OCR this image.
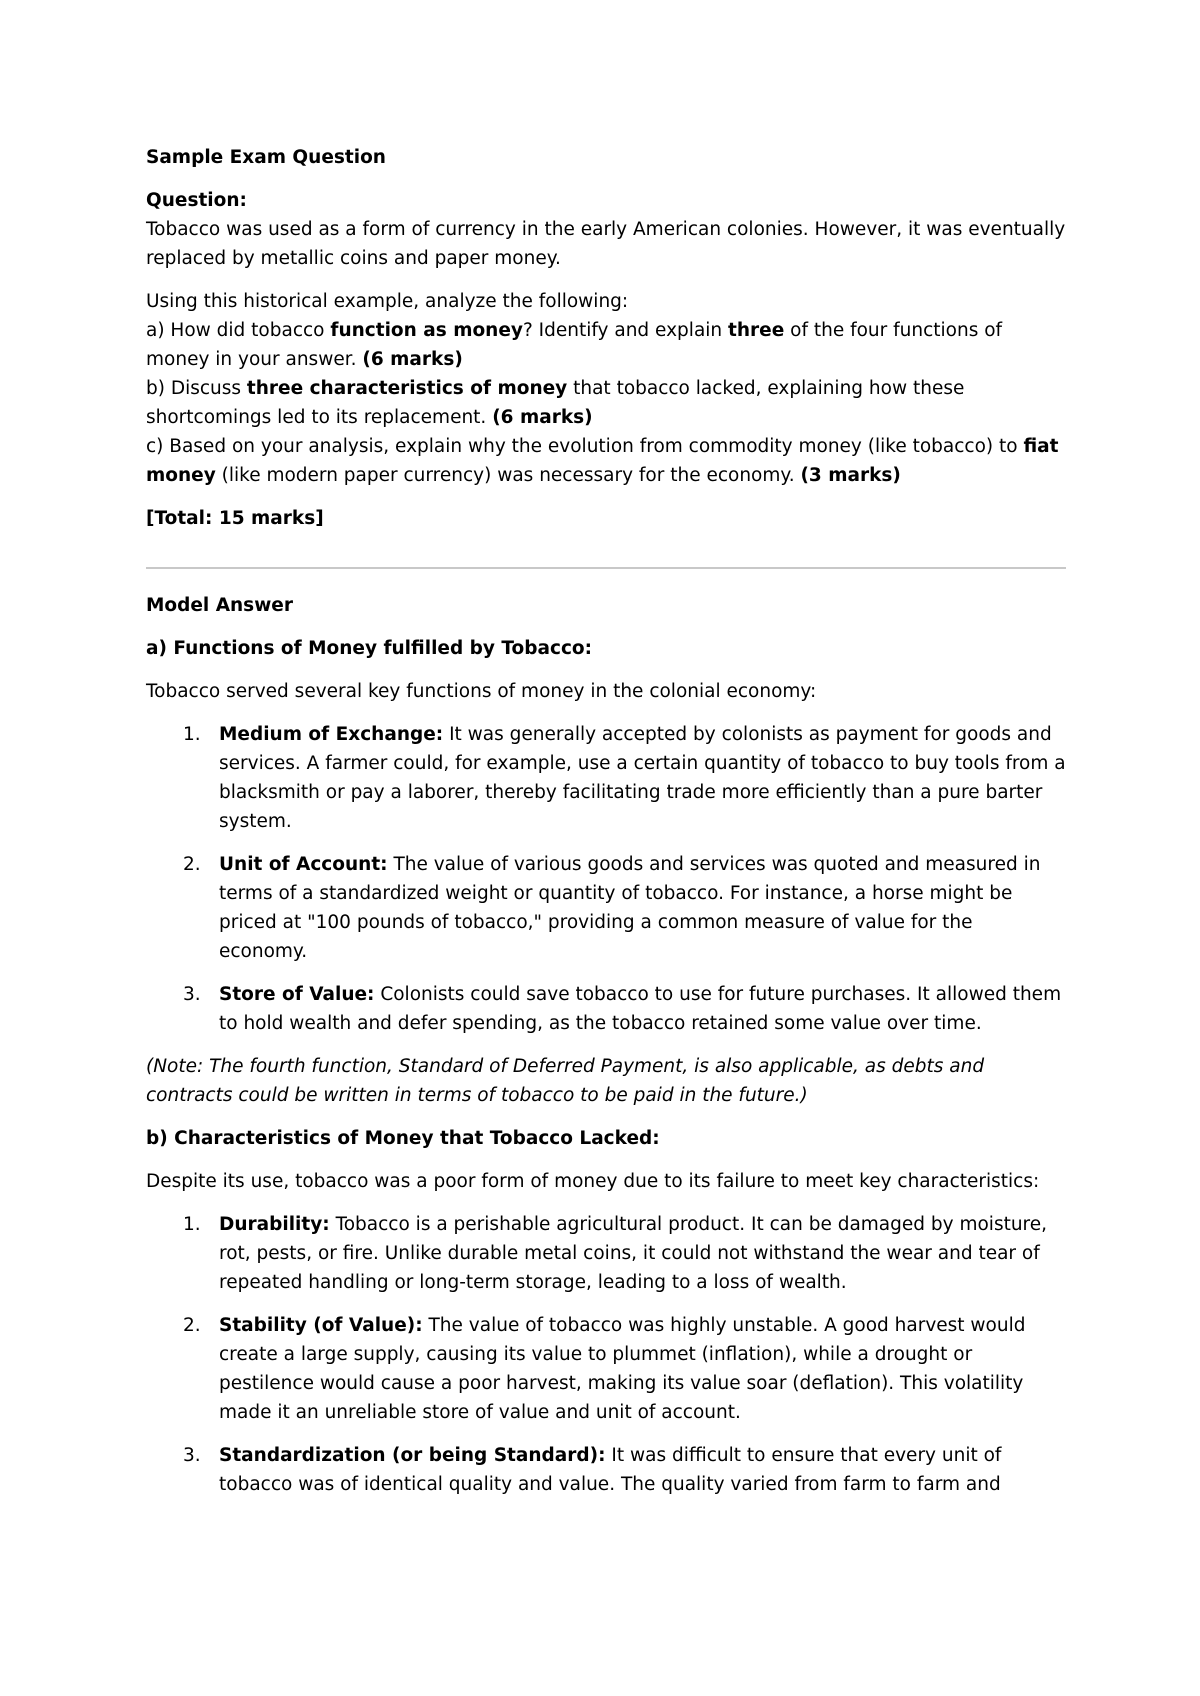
Sample Exam Question

Question:

Tobacco was used as a form of currency in the early American colonies. However, it was eventually replaced by metallic coins and paper money.

Using this historical example, analyze the following:

a) How did tobacco function as money? Identify and explain three of the four functions of money in your answer. (6 marks)

b) Discuss three characteristics of money that tobacco lacked, explaining how these shortcomings led to its replacement. (6 marks)

c) Based on your analysis, explain why the evolution from commodity money (like tobacco) to fiat money (like modern paper currency) was necessary for the economy. (3 marks)

[Total: 15 marks]

Model Answer

a) Functions of Money fulfilled by Tobacco:

Tobacco served several key functions of money in the colonial economy:

1. Medium of Exchange: It was generally accepted by colonists as payment for goods and services. A farmer could, for example, use a certain quantity of tobacco to buy tools from a blacksmith or pay a laborer, thereby facilitating trade more efficiently than a pure barter system.
2. Unit of Account: The value of various goods and services was quoted and measured in terms of a standardized weight or quantity of tobacco. For instance, a horse might be priced at "100 pounds of tobacco," providing a common measure of value for the economy.
3. Store of Value: Colonists could save tobacco to use for future purchases. It allowed them to hold wealth and defer spending, as the tobacco retained some value over time.

(Note: The fourth function, Standard of Deferred Payment, is also applicable, as debts and contracts could be written in terms of tobacco to be paid in the future.)

b) Characteristics of Money that Tobacco Lacked:

Despite its use, tobacco was a poor form of money due to its failure to meet key characteristics:

1. Durability: Tobacco is a perishable agricultural product. It can be damaged by moisture, rot, pests, or fire. Unlike durable metal coins, it could not withstand the wear and tear of repeated handling or long-term storage, leading to a loss of wealth.
2. Stability (of Value): The value of tobacco was highly unstable. A good harvest would create a large supply, causing its value to plummet (inflation), while a drought or pestilence would cause a poor harvest, making its value soar (deflation). This volatility made it an unreliable store of value and unit of account.
3. Standardization (or being Standard): It was difficult to ensure that every unit of tobacco was of identical quality and value. The quality varied from farm to farm and
